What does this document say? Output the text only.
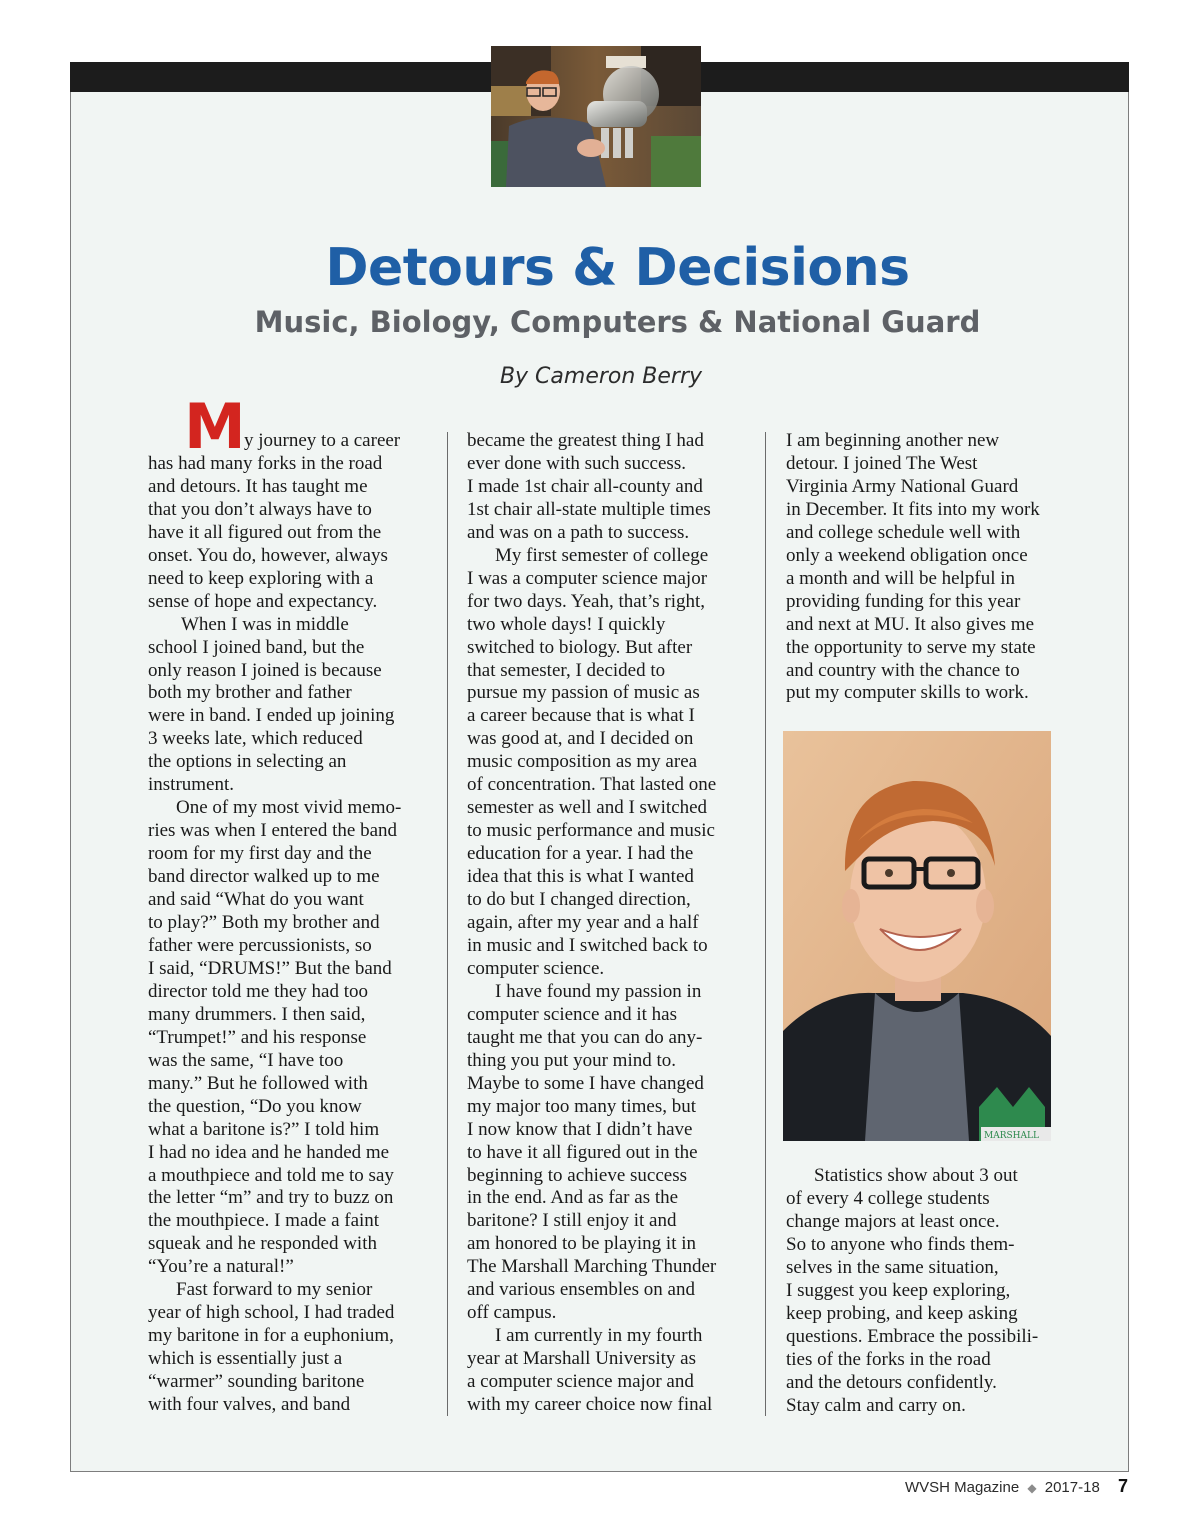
Detours & Decisions
Music, Biology, Computers & National Guard

By Cameron Berry

M
y journey to a career

has had many forks in the road

and detours. It has taught me

that you don’t always have to

have it all figured out from the

onset. You do, however, always

need to keep exploring with a

sense of hope and expectancy.

When I was in middle

school I joined band, but the

only reason I joined is because

both my brother and father

were in band. I ended up joining

3 weeks late, which reduced

the options in selecting an

instrument.

One of my most vivid memo-

ries was when I entered the band

room for my first day and the

band director walked up to me

and said “What do you want

to play?” Both my brother and

father were percussionists, so

I said, “DRUMS!” But the band

director told me they had too

many drummers. I then said,

“Trumpet!” and his response

was the same, “I have too

many.” But he followed with

the question, “Do you know

what a baritone is?” I told him

I had no idea and he handed me

a mouthpiece and told me to say

the letter “m” and try to buzz on

the mouthpiece. I made a faint

squeak and he responded with

“You’re a natural!”

Fast forward to my senior

year of high school, I had traded

my baritone in for a euphonium,

which is essentially just a

“warmer” sounding baritone

with four valves, and band

became the greatest thing I had

ever done with such success.

I made 1st chair all-county and

1st chair all-state multiple times

and was on a path to success.

My first semester of college

I was a computer science major

for two days. Yeah, that’s right,

two whole days! I quickly

switched to biology. But after

that semester, I decided to

pursue my passion of music as

a career because that is what I

was good at, and I decided on

music composition as my area

of concentration. That lasted one

semester as well and I switched

to music performance and music

education for a year. I had the

idea that this is what I wanted

to do but I changed direction,

again, after my year and a half

in music and I switched back to

computer science.

I have found my passion in

computer science and it has

taught me that you can do any-

thing you put your mind to.

Maybe to some I have changed

my major too many times, but

I now know that I didn’t have

to have it all figured out in the

beginning to achieve success

in the end. And as far as the

baritone? I still enjoy it and

am honored to be playing it in

The Marshall Marching Thunder

and various ensembles on and

off campus.

I am currently in my fourth

year at Marshall University as

a computer science major and

with my career choice now final

I am beginning another new

detour. I joined The West

Virginia Army National Guard

in December. It fits into my work

and college schedule well with

only a weekend obligation once

a month and will be helpful in

providing funding for this year

and next at MU. It also gives me

the opportunity to serve my state

and country with the chance to

put my computer skills to work.

MARSHALL

Statistics show about 3 out

of every 4 college students

change majors at least once.

So to anyone who finds them-

selves in the same situation,

I suggest you keep exploring,

keep probing, and keep asking

questions. Embrace the possibili-

ties of the forks in the road

and the detours confidently.

Stay calm and carry on.

WVSH Magazine ◆ 2017-18 7
